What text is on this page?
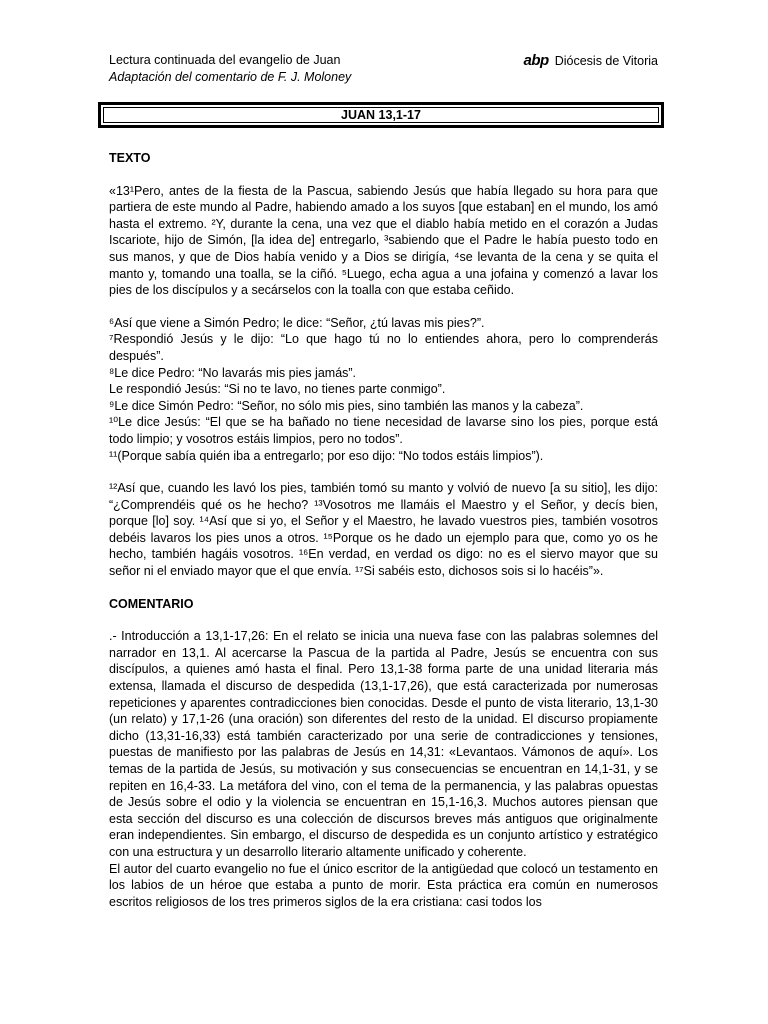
Lectura continuada del evangelio de Juan
Adaptación del comentario de F. J. Moloney
abp Diócesis de Vitoria
JUAN 13,1-17
TEXTO

«13¹Pero, antes de la fiesta de la Pascua, sabiendo Jesús que había llegado su hora para que partiera de este mundo al Padre, habiendo amado a los suyos [que estaban] en el mundo, los amó hasta el extremo. ²Y, durante la cena, una vez que el diablo había metido en el corazón a Judas Iscariote, hijo de Simón, [la idea de] entregarlo, ³sabiendo que el Padre le había puesto todo en sus manos, y que de Dios había venido y a Dios se dirigía, ⁴se levanta de la cena y se quita el manto y, tomando una toalla, se la ciñó. ⁵Luego, echa agua a una jofaina y comenzó a lavar los pies de los discípulos y a secárselos con la toalla con que estaba ceñido.

⁶Así que viene a Simón Pedro; le dice: “Señor, ¿tú lavas mis pies?”.

⁷Respondió Jesús y le dijo: “Lo que hago tú no lo entiendes ahora, pero lo comprenderás después”.

⁸Le dice Pedro: “No lavarás mis pies jamás”.

Le respondió Jesús: “Si no te lavo, no tienes parte conmigo”.

⁹Le dice Simón Pedro: “Señor, no sólo mis pies, sino también las manos y la cabeza”.

¹⁰Le dice Jesús: “El que se ha bañado no tiene necesidad de lavarse sino los pies, porque está todo limpio; y vosotros estáis limpios, pero no todos”.

¹¹(Porque sabía quién iba a entregarlo; por eso dijo: “No todos estáis limpios”).

¹²Así que, cuando les lavó los pies, también tomó su manto y volvió de nuevo [a su sitio], les dijo: “¿Comprendéis qué os he hecho? ¹³Vosotros me llamáis el Maestro y el Señor, y decís bien, porque [lo] soy. ¹⁴Así que si yo, el Señor y el Maestro, he lavado vuestros pies, también vosotros debéis lavaros los pies unos a otros. ¹⁵Porque os he dado un ejemplo para que, como yo os he hecho, también hagáis vosotros. ¹⁶En verdad, en verdad os digo: no es el siervo mayor que su señor ni el enviado mayor que el que envía. ¹⁷Si sabéis esto, dichosos sois si lo hacéis”».

COMENTARIO

.- Introducción a 13,1-17,26: En el relato se inicia una nueva fase con las palabras solemnes del narrador en 13,1. Al acercarse la Pascua de la partida al Padre, Jesús se encuentra con sus discípulos, a quienes amó hasta el final. Pero 13,1-38 forma parte de una unidad literaria más extensa, llamada el discurso de despedida (13,1-17,26), que está caracterizada por numerosas repeticiones y aparentes contradicciones bien conocidas. Desde el punto de vista literario, 13,1-30 (un relato) y 17,1-26 (una oración) son diferentes del resto de la unidad. El discurso propiamente dicho (13,31-16,33) está también caracterizado por una serie de contradicciones y tensiones, puestas de manifiesto por las palabras de Jesús en 14,31: «Levantaos. Vámonos de aquí». Los temas de la partida de Jesús, su motivación y sus consecuencias se encuentran en 14,1-31, y se repiten en 16,4-33. La metáfora del vino, con el tema de la permanencia, y las palabras opuestas de Jesús sobre el odio y la violencia se encuentran en 15,1-16,3. Muchos autores piensan que esta sección del discurso es una colección de discursos breves más antiguos que originalmente eran independientes. Sin embargo, el discurso de despedida es un conjunto artístico y estratégico con una estructura y un desarrollo literario altamente unificado y coherente.

El autor del cuarto evangelio no fue el único escritor de la antigüedad que colocó un testamento en los labios de un héroe que estaba a punto de morir. Esta práctica era común en numerosos escritos religiosos de los tres primeros siglos de la era cristiana: casi todos los
